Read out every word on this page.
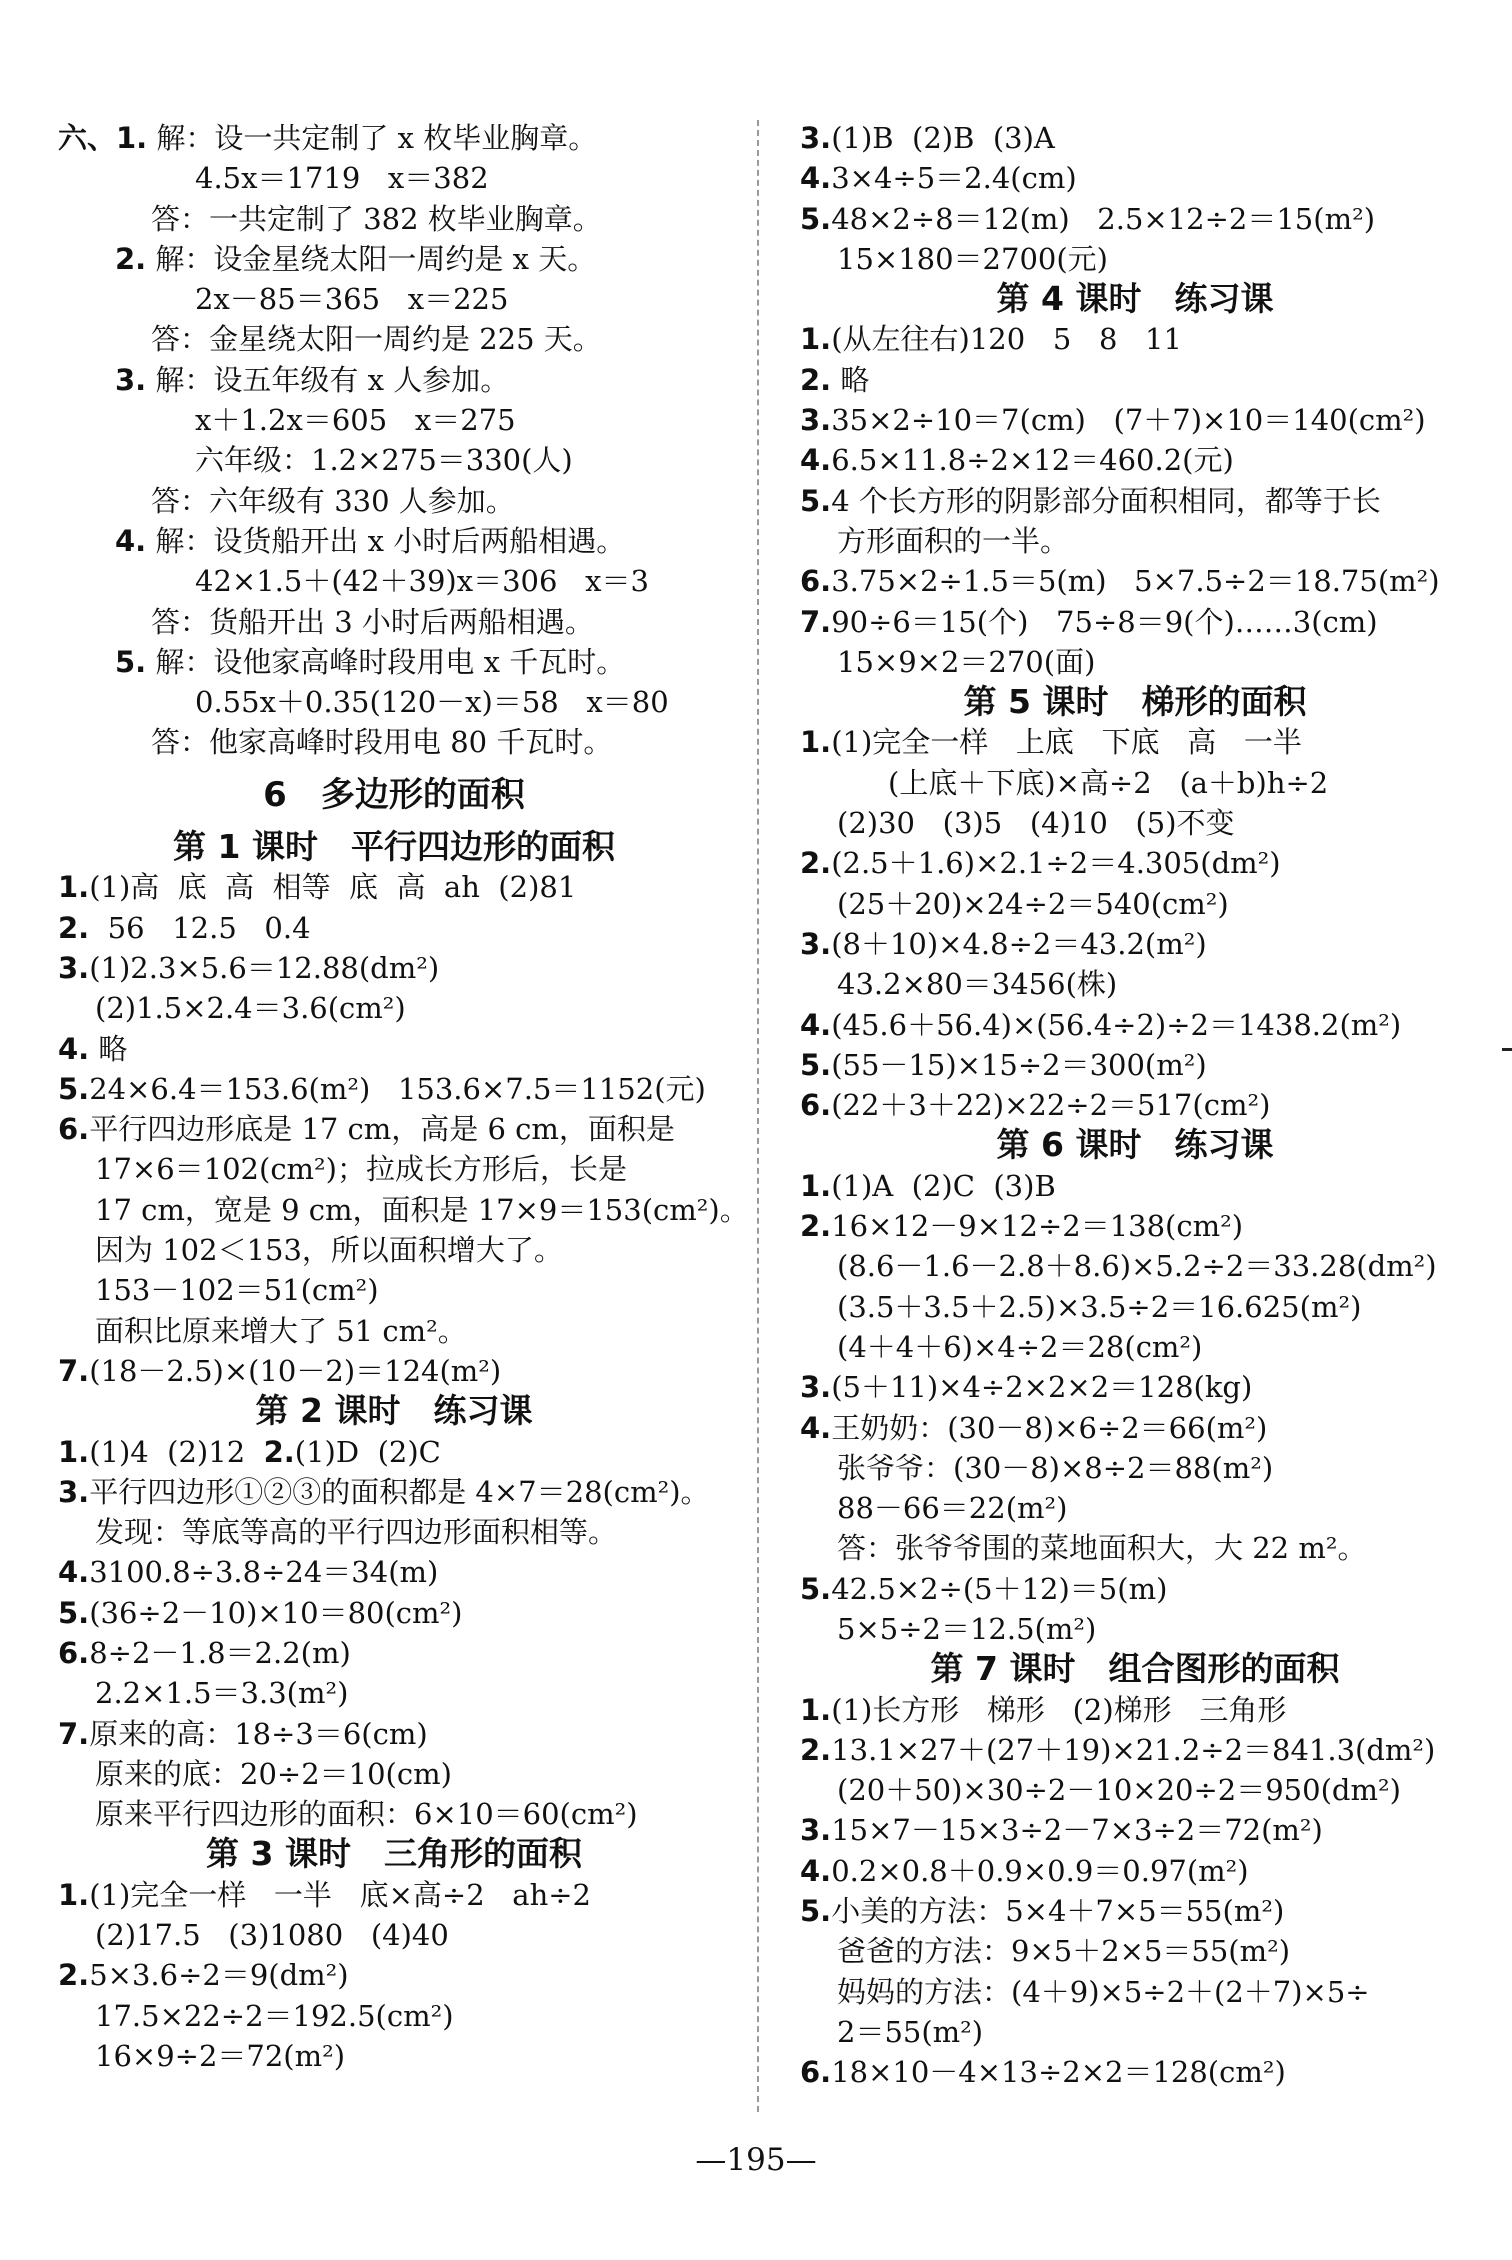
六、1. 解：设一共定制了 x 枚毕业胸章。
4.5x＝1719   x＝382
答：一共定制了 382 枚毕业胸章。
2. 解：设金星绕太阳一周约是 x 天。
2x－85＝365   x＝225
答：金星绕太阳一周约是 225 天。
3. 解：设五年级有 x 人参加。
x＋1.2x＝605   x＝275
六年级：1.2×275＝330(人)
答：六年级有 330 人参加。
4. 解：设货船开出 x 小时后两船相遇。
42×1.5＋(42＋39)x＝306   x＝3
答：货船开出 3 小时后两船相遇。
5. 解：设他家高峰时段用电 x 千瓦时。
0.55x＋0.35(120－x)＝58   x＝80
答：他家高峰时段用电 80 千瓦时。
6　多边形的面积
第 1 课时　平行四边形的面积
1.(1)高  底  高  相等  底  高  ah  (2)81
2.  56   12.5   0.4
3.(1)2.3×5.6＝12.88(dm²)
(2)1.5×2.4＝3.6(cm²)
4. 略
5.24×6.4＝153.6(m²)   153.6×7.5＝1152(元)
6.平行四边形底是 17 cm，高是 6 cm，面积是
17×6＝102(cm²)；拉成长方形后，长是
17 cm，宽是 9 cm，面积是 17×9＝153(cm²)。
因为 102＜153，所以面积增大了。
153－102＝51(cm²)
面积比原来增大了 51 cm²。
7.(18－2.5)×(10－2)＝124(m²)
第 2 课时　练习课
1.(1)4  (2)12  2.(1)D  (2)C
3.平行四边形①②③的面积都是 4×7＝28(cm²)。
发现：等底等高的平行四边形面积相等。
4.3100.8÷3.8÷24＝34(m)
5.(36÷2－10)×10＝80(cm²)
6.8÷2－1.8＝2.2(m)
2.2×1.5＝3.3(m²)
7.原来的高：18÷3＝6(cm)
原来的底：20÷2＝10(cm)
原来平行四边形的面积：6×10＝60(cm²)
第 3 课时　三角形的面积
1.(1)完全一样   一半   底×高÷2   ah÷2
(2)17.5   (3)1080   (4)40
2.5×3.6÷2＝9(dm²)
17.5×22÷2＝192.5(cm²)
16×9÷2＝72(m²)
3.(1)B  (2)B  (3)A
4.3×4÷5＝2.4(cm)
5.48×2÷8＝12(m)   2.5×12÷2＝15(m²)
15×180＝2700(元)
第 4 课时　练习课
1.(从左往右)120   5   8   11
2. 略
3.35×2÷10＝7(cm)   (7＋7)×10＝140(cm²)
4.6.5×11.8÷2×12＝460.2(元)
5.4 个长方形的阴影部分面积相同，都等于长
方形面积的一半。
6.3.75×2÷1.5＝5(m)   5×7.5÷2＝18.75(m²)
7.90÷6＝15(个)   75÷8＝9(个)……3(cm)
15×9×2＝270(面)
第 5 课时　梯形的面积
1.(1)完全一样   上底   下底   高   一半
(上底＋下底)×高÷2   (a＋b)h÷2
(2)30   (3)5   (4)10   (5)不变
2.(2.5＋1.6)×2.1÷2＝4.305(dm²)
(25＋20)×24÷2＝540(cm²)
3.(8＋10)×4.8÷2＝43.2(m²)
43.2×80＝3456(株)
4.(45.6＋56.4)×(56.4÷2)÷2＝1438.2(m²)
5.(55－15)×15÷2＝300(m²)
6.(22＋3＋22)×22÷2＝517(cm²)
第 6 课时　练习课
1.(1)A  (2)C  (3)B
2.16×12－9×12÷2＝138(cm²)
(8.6－1.6－2.8＋8.6)×5.2÷2＝33.28(dm²)
(3.5＋3.5＋2.5)×3.5÷2＝16.625(m²)
(4＋4＋6)×4÷2＝28(cm²)
3.(5＋11)×4÷2×2×2＝128(kg)
4.王奶奶：(30－8)×6÷2＝66(m²)
张爷爷：(30－8)×8÷2＝88(m²)
88－66＝22(m²)
答：张爷爷围的菜地面积大，大 22 m²。
5.42.5×2÷(5＋12)＝5(m)
5×5÷2＝12.5(m²)
第 7 课时　组合图形的面积
1.(1)长方形   梯形   (2)梯形   三角形
2.13.1×27＋(27＋19)×21.2÷2＝841.3(dm²)
(20＋50)×30÷2－10×20÷2＝950(dm²)
3.15×7－15×3÷2－7×3÷2＝72(m²)
4.0.2×0.8＋0.9×0.9＝0.97(m²)
5.小美的方法：5×4＋7×5＝55(m²)
爸爸的方法：9×5＋2×5＝55(m²)
妈妈的方法：(4＋9)×5÷2＋(2＋7)×5÷
2＝55(m²)
6.18×10－4×13÷2×2＝128(cm²)
—195—
